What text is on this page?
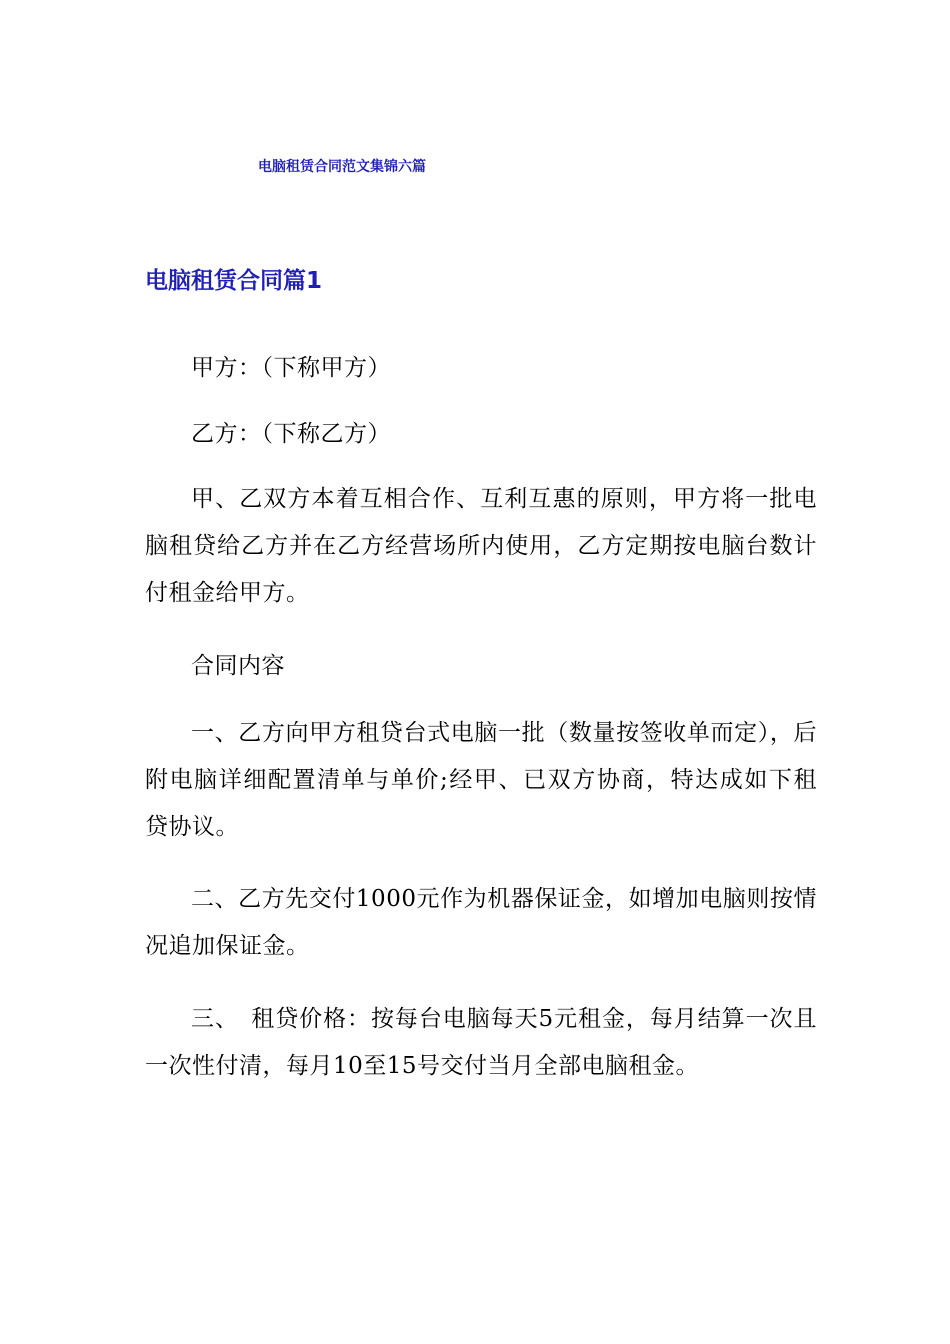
电脑租赁合同范文集锦六篇
电脑租赁合同篇1

甲方：（下称甲方）

乙方：（下称乙方）

甲、乙双方本着互相合作、互利互惠的原则，甲方将一批电脑租贷给乙方并在乙方经营场所内使用，乙方定期按电脑台数计付租金给甲方。

合同内容

一、乙方向甲方租贷台式电脑一批（数量按签收单而定），后 附电脑详细配置清单与单价;经甲、已双方协商，特达成如下租 贷协议。

二、乙方先交付1000元作为机器保证金，如增加电脑则按情况追加保证金。

三、　租贷价格：按每台电脑每天5元租金，每月结算一次且 一次性付清，每月10至15号交付当月全部电脑租金。
